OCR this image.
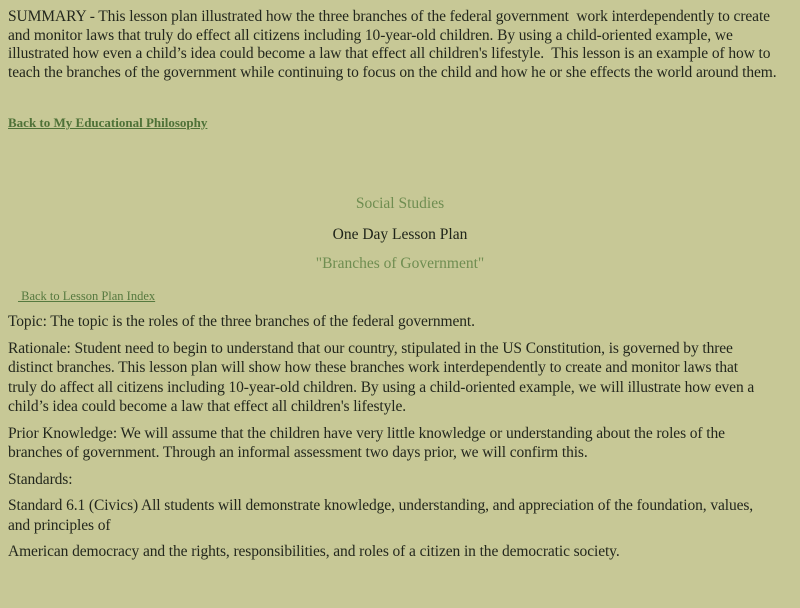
SUMMARY - This lesson plan illustrated how the three branches of the federal government  work interdependently to create and monitor laws that truly do effect all citizens including 10-year-old children. By using a child-oriented example, we  illustrated how even a child’s idea could become a law that effect all children's lifestyle.  This lesson is an example of how to teach the branches of the government while continuing to focus on the child and how he or she effects the world around them.

Back to My Educational Philosophy
Social Studies
One Day Lesson Plan
"Branches of Government"
Back to Lesson Plan Index

Topic: The topic is the roles of the three branches of the federal government.

Rationale: Student need to begin to understand that our country, stipulated in the US Constitution, is governed by three distinct branches. This lesson plan will show how these branches work interdependently to create and monitor laws that truly do affect all citizens including 10-year-old children. By using a child-oriented example, we will illustrate how even a child’s idea could become a law that effect all children's lifestyle.

Prior Knowledge: We will assume that the children have very little knowledge or understanding about the roles of the branches of government. Through an informal assessment two days prior, we will confirm this.

Standards:

Standard 6.1 (Civics) All students will demonstrate knowledge, understanding, and appreciation of the foundation, values, and principles of

American democracy and the rights, responsibilities, and roles of a citizen in the democratic society.
